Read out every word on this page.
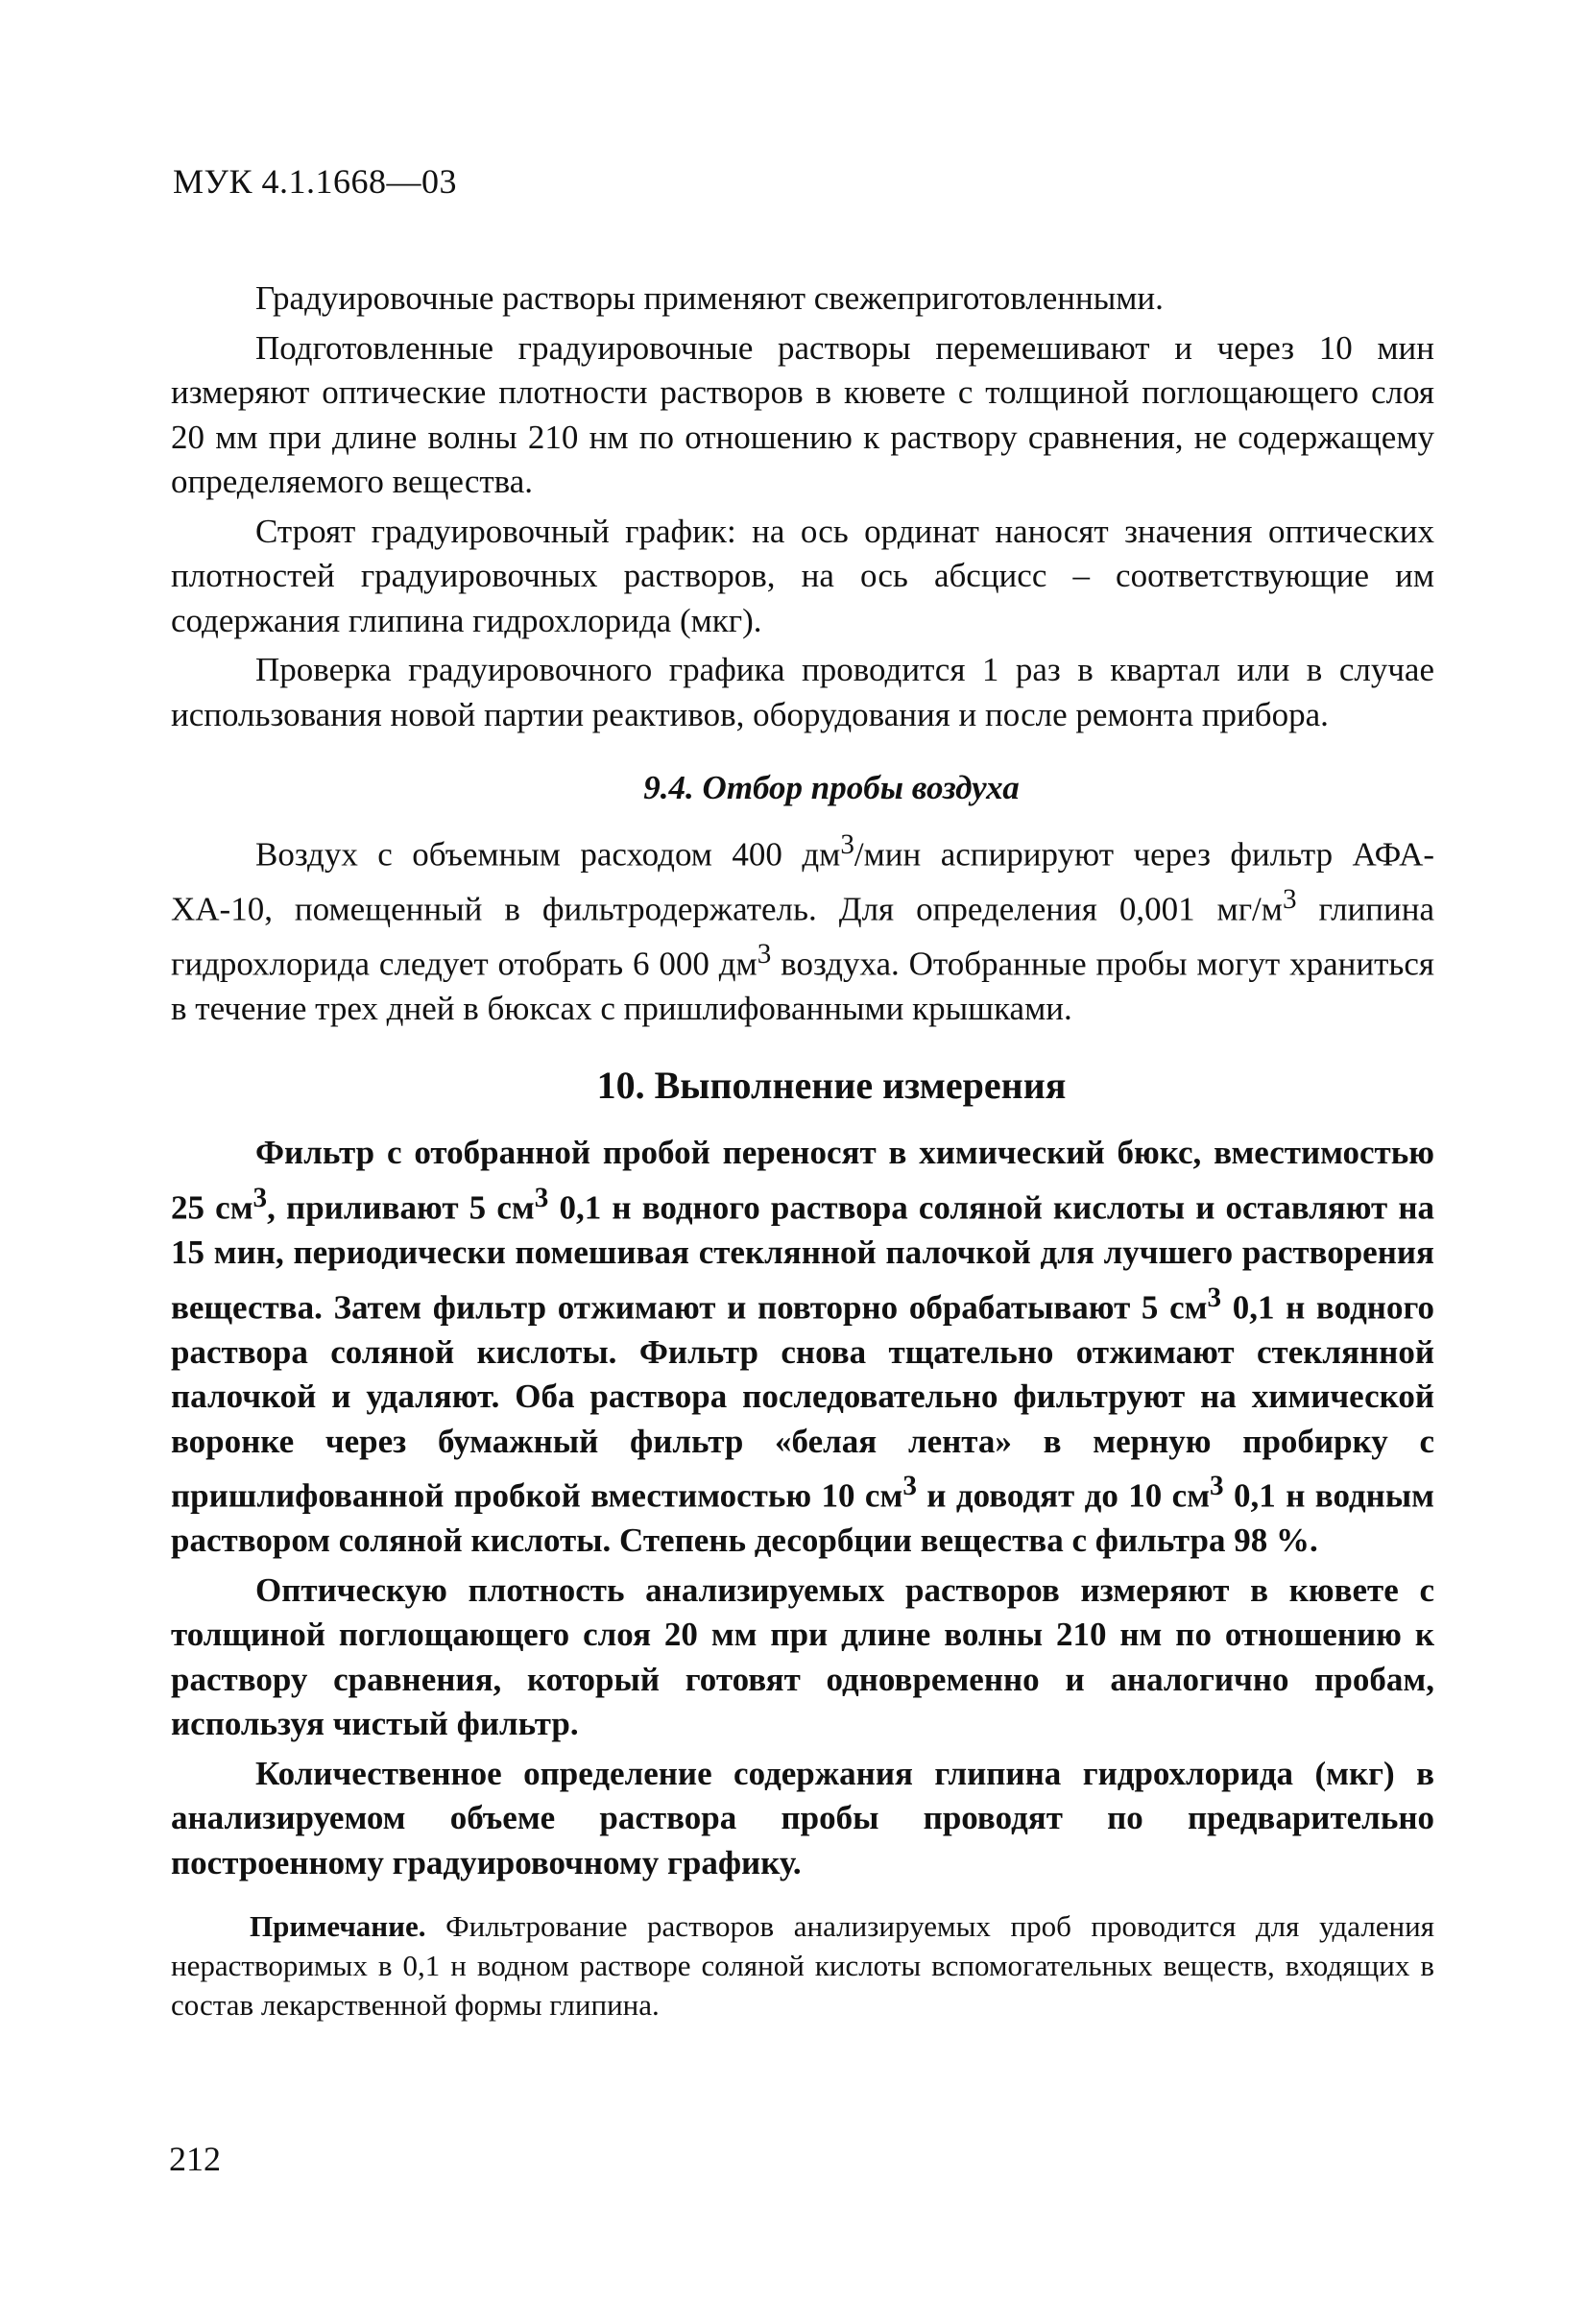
МУК 4.1.1668—03

Градуировочные растворы применяют свежеприготовленными.

Подготовленные градуировочные растворы перемешивают и через 10 мин измеряют оптические плотности растворов в кювете с толщиной поглощающего слоя 20 мм при длине волны 210 нм по отношению к раствору сравнения, не содержащему определяемого вещества.

Строят градуировочный график: на ось ординат наносят значения оптических плотностей градуировочных растворов, на ось абсцисс – соответствующие им содержания глипина гидрохлорида (мкг).

Проверка градуировочного графика проводится 1 раз в квартал или в случае использования новой партии реактивов, оборудования и после ремонта прибора.

9.4. Отбор пробы воздуха

Воздух с объемным расходом 400 $дм^3$/мин аспирируют через фильтр АФА-ХА-10, помещенный в фильтродержатель. Для определения 0,001 $мг/м^3$ глипина гидрохлорида следует отобрать 6 000 $дм^3$ воздуха. Отобранные пробы могут храниться в течение трех дней в бюксах с пришлифованными крышками.

10. Выполнение измерения

Фильтр с отобранной пробой переносят в химический бюкс, вместимостью 25 $см^3$, приливают 5 $см^3$ 0,1 н водного раствора соляной кислоты и оставляют на 15 мин, периодически помешивая стеклянной палочкой для лучшего растворения вещества. Затем фильтр отжимают и повторно обрабатывают 5 $см^3$ 0,1 н водного раствора соляной кислоты. Фильтр снова тщательно отжимают стеклянной палочкой и удаляют. Оба раствора последовательно фильтруют на химической воронке через бумажный фильтр «белая лента» в мерную пробирку с пришлифованной пробкой вместимостью 10 $см^3$ и доводят до 10 $см^3$ 0,1 н водным раствором соляной кислоты. Степень десорбции вещества с фильтра 98 %.

Оптическую плотность анализируемых растворов измеряют в кювете с толщиной поглощающего слоя 20 мм при длине волны 210 нм по отношению к раствору сравнения, который готовят одновременно и аналогично пробам, используя чистый фильтр.

Количественное определение содержания глипина гидрохлорида (мкг) в анализируемом объеме раствора пробы проводят по предварительно построенному градуировочному графику.

Примечание. Фильтрование растворов анализируемых проб проводится для удаления нерастворимых в 0,1 н водном растворе соляной кислоты вспомогательных веществ, входящих в состав лекарственной формы глипина.
212
